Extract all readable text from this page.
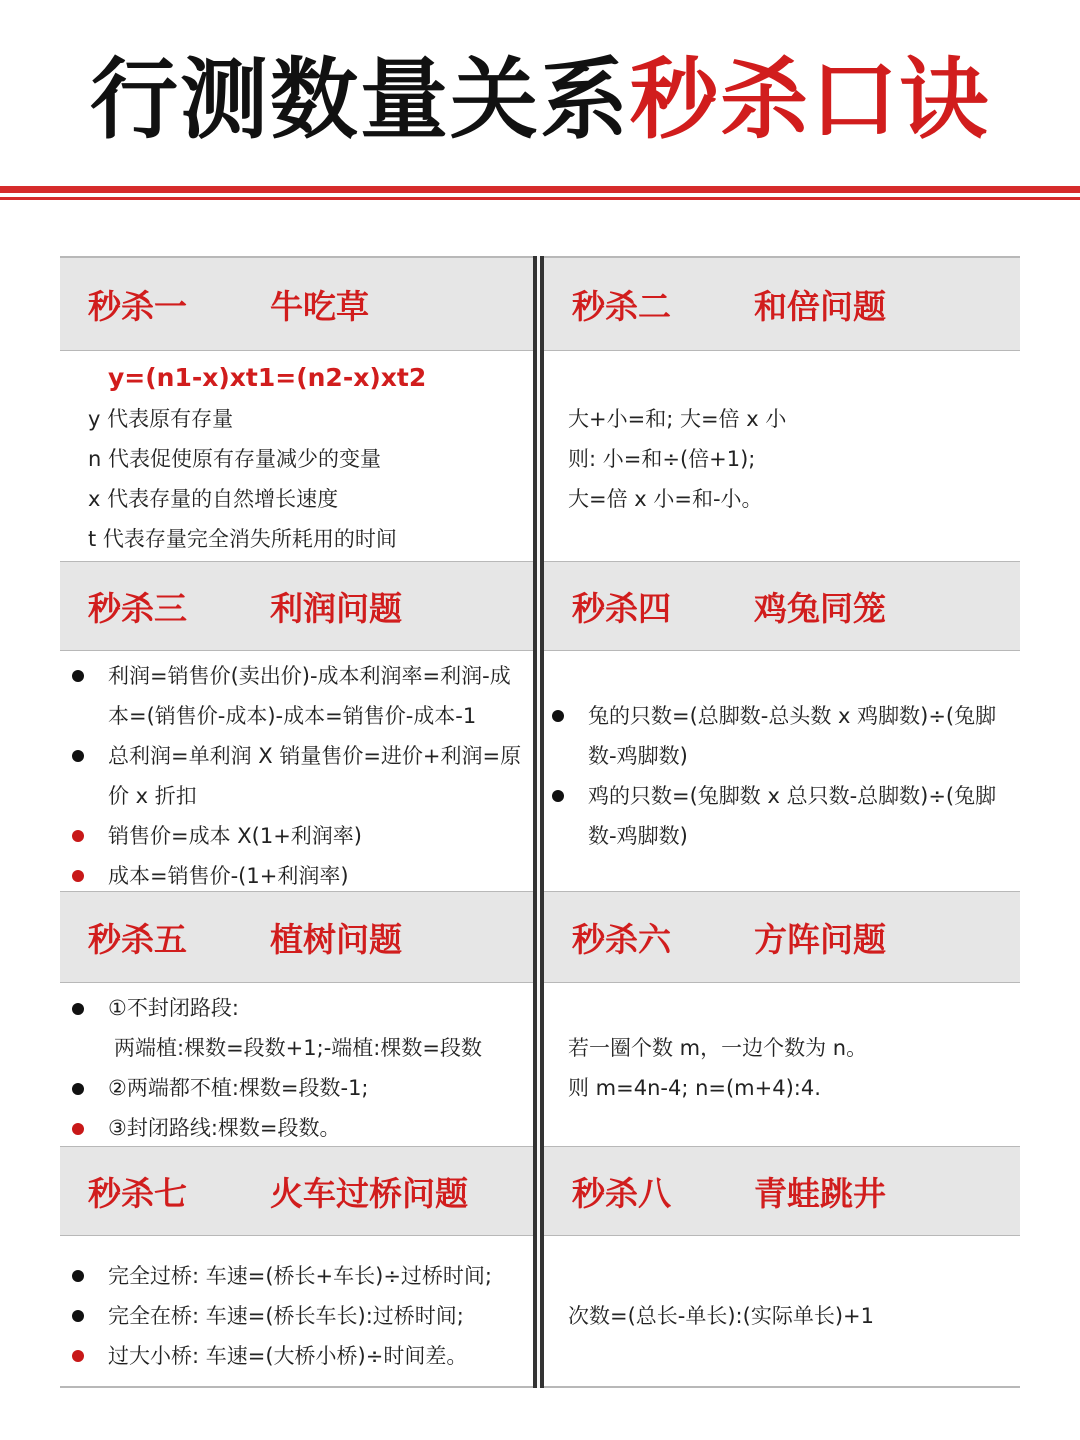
行测数量关系秒杀口诀
秒杀一	牛吃草	秒杀二	和倍问题
y=(n1-x)xt1=(n2-x)xt2
y 代表原有存量
n 代表促使原有存量减少的变量
x 代表存量的自然增长速度
t 代表存量完全消失所耗用的时间
大+小=和; 大=倍 x 小
则: 小=和÷(倍+1);
大=倍 x 小=和-小。
秒杀三	利润问题	秒杀四	鸡兔同笼
利润=销售价(卖出价)-成本利润率=利润-成
本=(销售价-成本)-成本=销售价-成本-1
总利润=单利润 X 销量售价=进价+利润=原
价 x 折扣
销售价=成本 X(1+利润率)
成本=销售价-(1+利润率)
兔的只数=(总脚数-总头数 x 鸡脚数)÷(兔脚
数-鸡脚数)
鸡的只数=(兔脚数 x 总只数-总脚数)÷(兔脚
数-鸡脚数)
秒杀五	植树问题	秒杀六	方阵问题
①不封闭路段:
两端植:棵数=段数+1;-端植:棵数=段数
②两端都不植:棵数=段数-1;
③封闭路线:棵数=段数。
若一圈个数 m，一边个数为 n。
则 m=4n-4; n=(m+4):4.
秒杀七	火车过桥问题	秒杀八	青蛙跳井
完全过桥: 车速=(桥长+车长)÷过桥时间;
完全在桥: 车速=(桥长车长):过桥时间;
过大小桥: 车速=(大桥小桥)÷时间差。
次数=(总长-单长):(实际单长)+1
